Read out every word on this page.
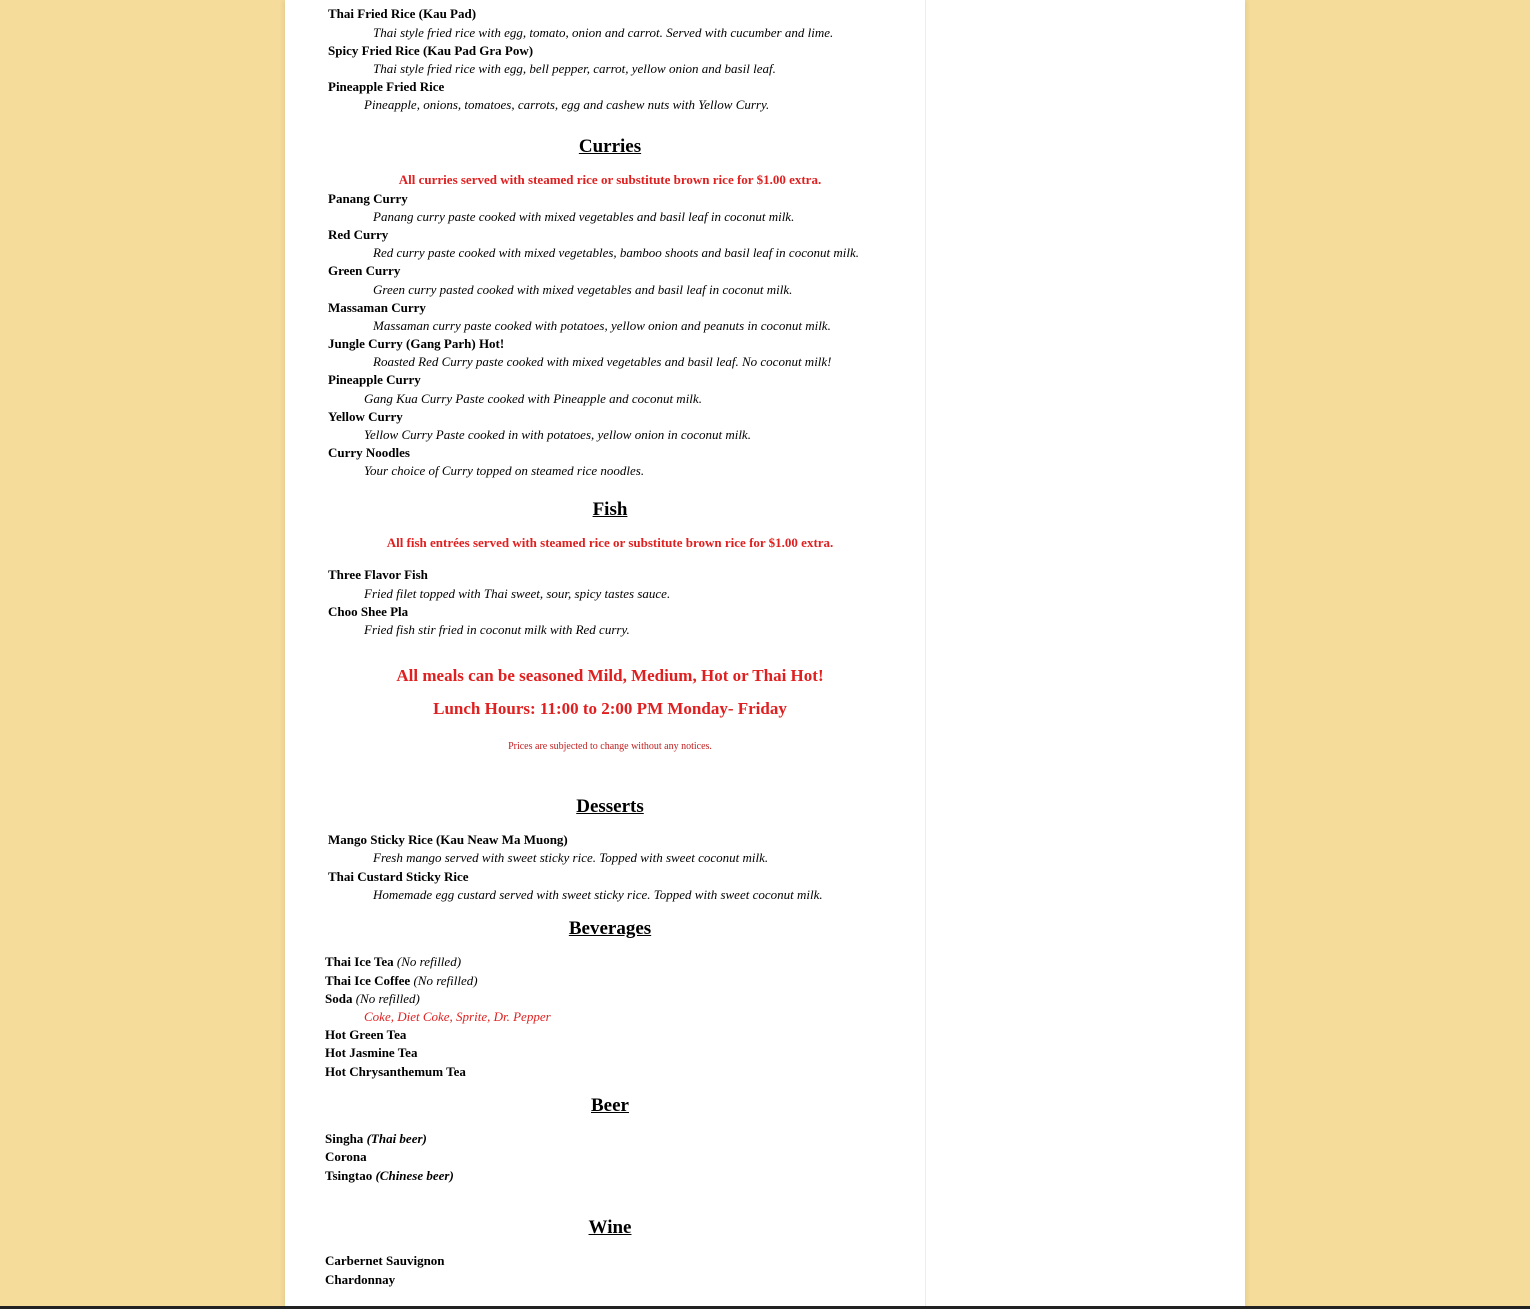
Thai Fried Rice (Kau Pad)
Thai style fried rice with egg, tomato, onion and carrot. Served with cucumber and lime.
Spicy Fried Rice (Kau Pad Gra Pow)
Thai style fried rice with egg, bell pepper, carrot, yellow onion and basil leaf.
Pineapple Fried Rice
Pineapple, onions, tomatoes, carrots, egg and cashew nuts with Yellow Curry.
Curries
All curries served with steamed rice or substitute brown rice for $1.00 extra.
Panang Curry
Panang curry paste cooked with mixed vegetables and basil leaf in coconut milk.
Red Curry
Red curry paste cooked with mixed vegetables, bamboo shoots and basil leaf in coconut milk.
Green Curry
Green curry pasted cooked with mixed vegetables and basil leaf in coconut milk.
Massaman Curry
Massaman curry paste cooked with potatoes, yellow onion and peanuts in coconut milk.
Jungle Curry (Gang Parh) Hot!
Roasted Red Curry paste cooked with mixed vegetables and basil leaf. No coconut milk!
Pineapple Curry
Gang Kua Curry Paste cooked with Pineapple and coconut milk.
Yellow Curry
Yellow Curry Paste cooked in with potatoes, yellow onion in coconut milk.
Curry Noodles
Your choice of Curry topped on steamed rice noodles.
Fish
All fish entrées served with steamed rice or substitute brown rice for $1.00 extra.
Three Flavor Fish
Fried filet topped with Thai sweet, sour, spicy tastes sauce.
Choo Shee Pla
Fried fish stir fried in coconut milk with Red curry.
All meals can be seasoned Mild, Medium, Hot or Thai Hot!
Lunch Hours: 11:00 to 2:00 PM Monday- Friday
Prices are subjected to change without any notices.
Desserts
Mango Sticky Rice (Kau Neaw Ma Muong)
Fresh mango served with sweet sticky rice. Topped with sweet coconut milk.
Thai Custard Sticky Rice
Homemade egg custard served with sweet sticky rice. Topped with sweet coconut milk.
Beverages
Thai Ice Tea (No refilled)
Thai Ice Coffee (No refilled)
Soda (No refilled)
Coke, Diet Coke, Sprite, Dr. Pepper
Hot Green Tea
Hot Jasmine Tea
Hot Chrysanthemum Tea
Beer
Singha (Thai beer)
Corona
Tsingtao (Chinese beer)
Wine
Carbernet Sauvignon
Chardonnay
